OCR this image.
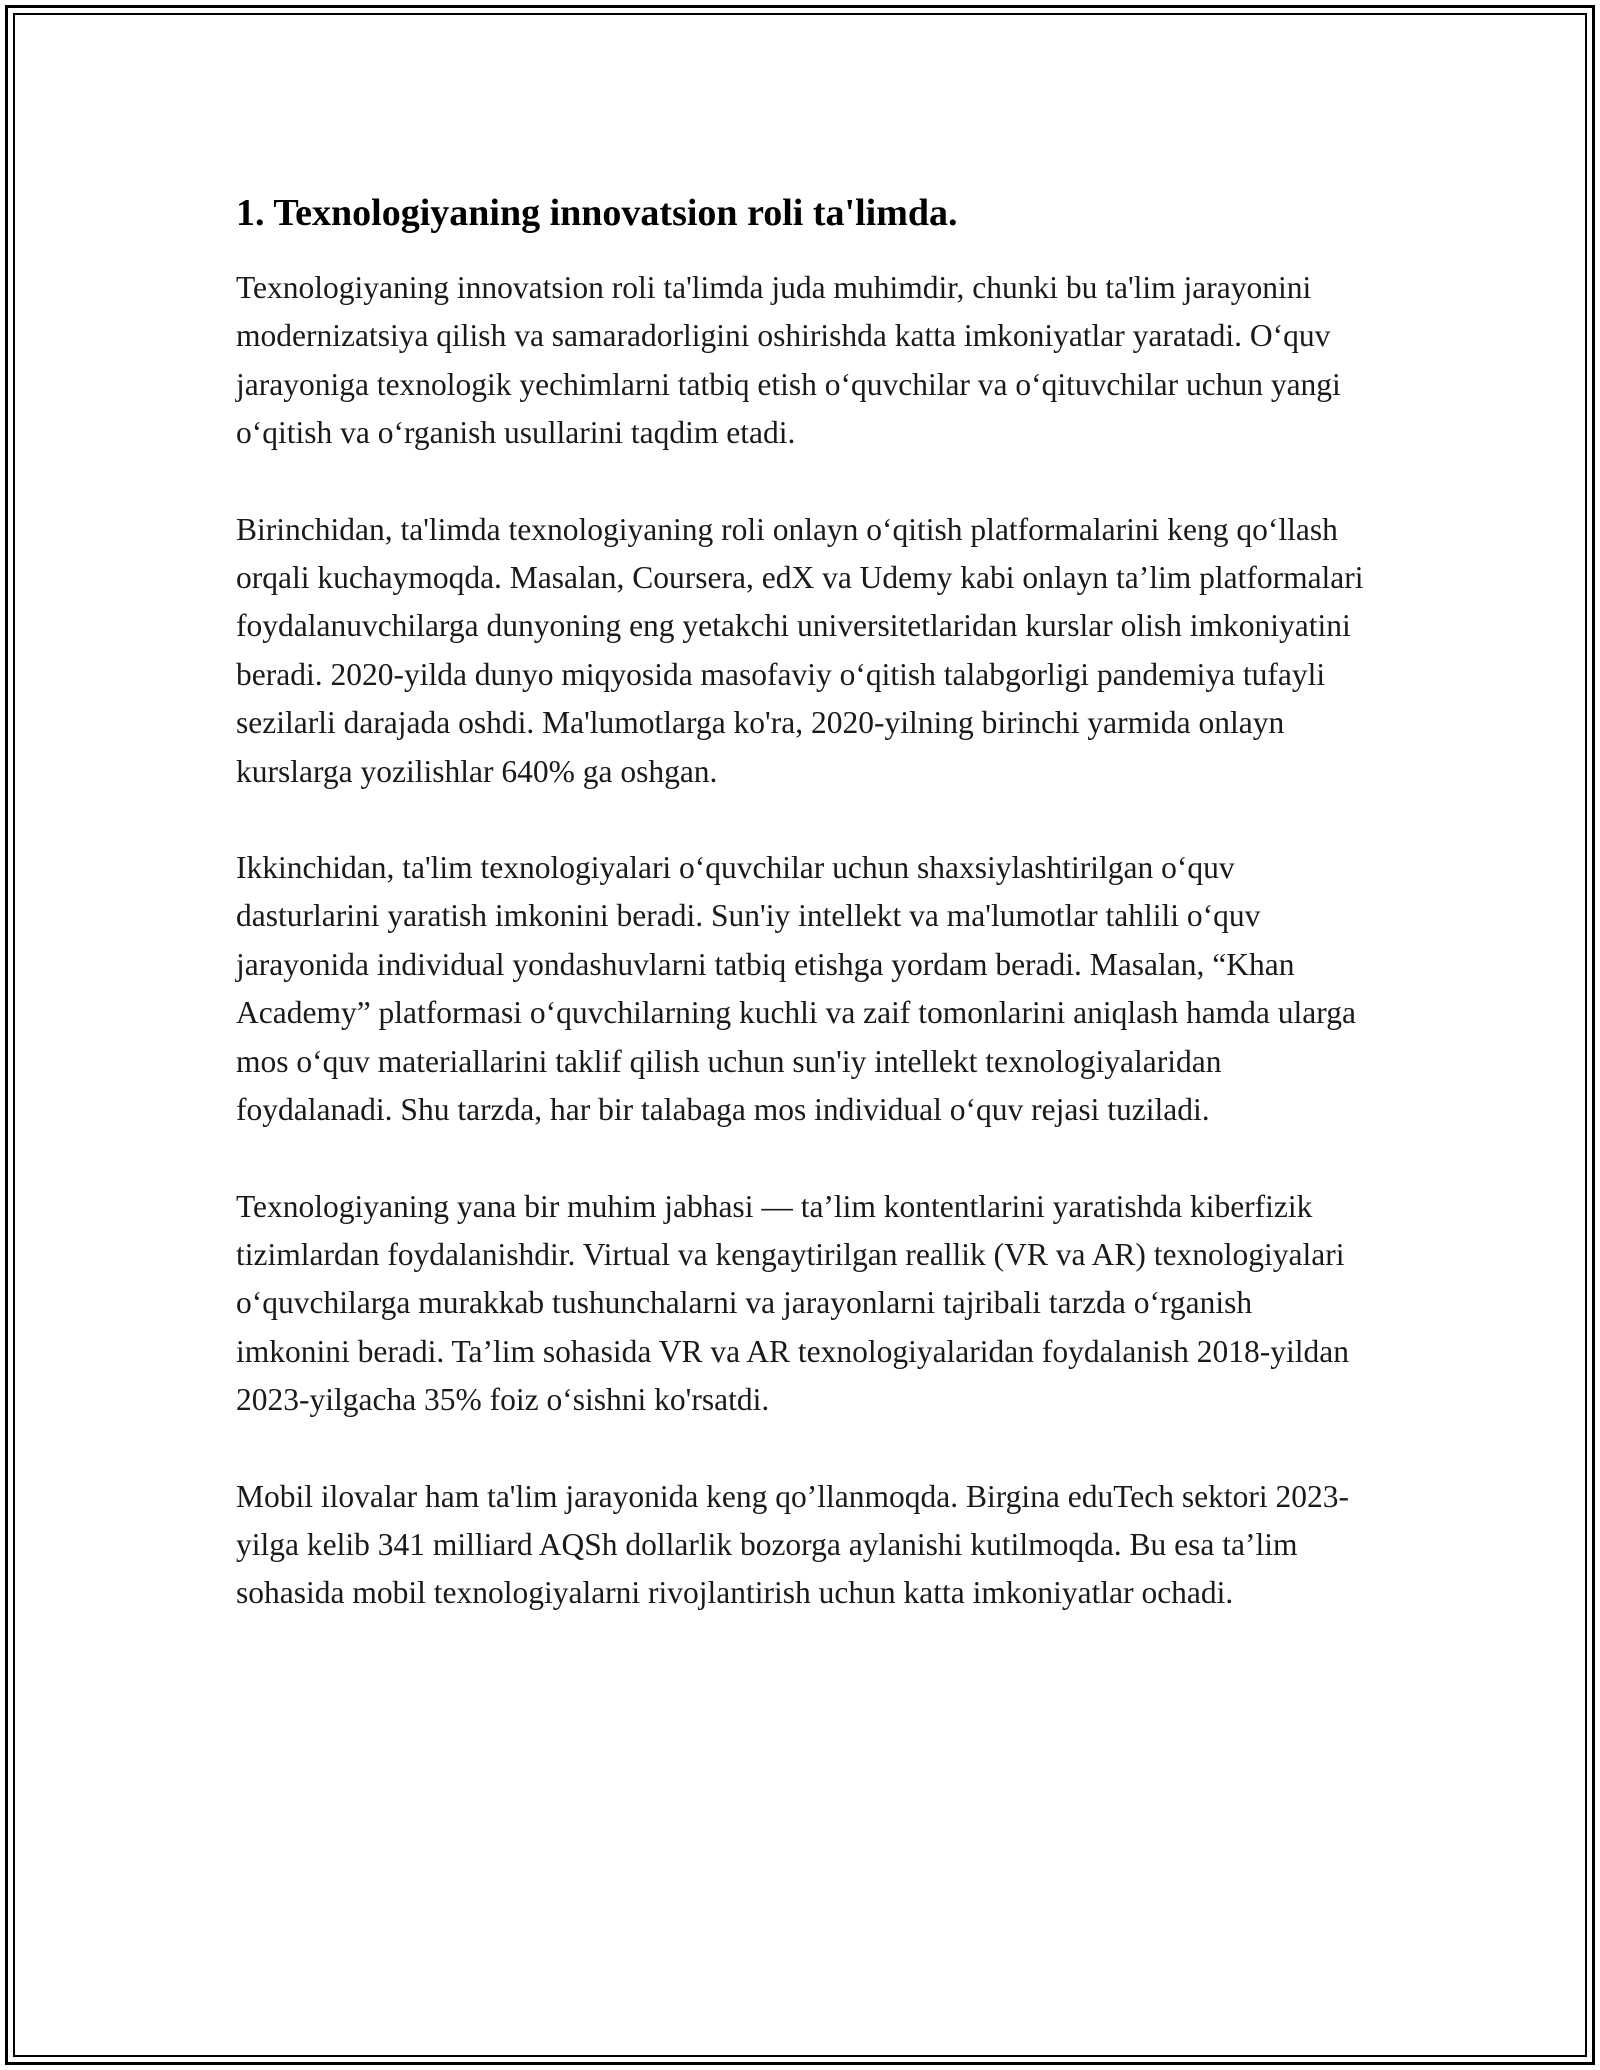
1. Texnologiyaning innovatsion roli ta'limda.

Texnologiyaning innovatsion roli ta'limda juda muhimdir, chunki bu ta'lim jarayonini modernizatsiya qilish va samaradorligini oshirishda katta imkoniyatlar yaratadi. O‘quv jarayoniga texnologik yechimlarni tatbiq etish o‘quvchilar va o‘qituvchilar uchun yangi o‘qitish va o‘rganish usullarini taqdim etadi.

Birinchidan, ta'limda texnologiyaning roli onlayn o‘qitish platformalarini keng qo‘llash orqali kuchaymoqda. Masalan, Coursera, edX va Udemy kabi onlayn ta’lim platformalari foydalanuvchilarga dunyoning eng yetakchi universitetlaridan kurslar olish imkoniyatini beradi. 2020-yilda dunyo miqyosida masofaviy o‘qitish talabgorligi pandemiya tufayli sezilarli darajada oshdi. Ma'lumotlarga ko'ra, 2020-yilning birinchi yarmida onlayn kurslarga yozilishlar 640% ga oshgan.

Ikkinchidan, ta'lim texnologiyalari o‘quvchilar uchun shaxsiylashtirilgan o‘quv dasturlarini yaratish imkonini beradi. Sun'iy intellekt va ma'lumotlar tahlili o‘quv jarayonida individual yondashuvlarni tatbiq etishga yordam beradi. Masalan, “Khan Academy” platformasi o‘quvchilarning kuchli va zaif tomonlarini aniqlash hamda ularga mos o‘quv materiallarini taklif qilish uchun sun'iy intellekt texnologiyalaridan foydalanadi. Shu tarzda, har bir talabaga mos individual o‘quv rejasi tuziladi.

Texnologiyaning yana bir muhim jabhasi — ta’lim kontentlarini yaratishda kiberfizik tizimlardan foydalanishdir. Virtual va kengaytirilgan reallik (VR va AR) texnologiyalari o‘quvchilarga murakkab tushunchalarni va jarayonlarni tajribali tarzda o‘rganish imkonini beradi. Ta’lim sohasida VR va AR texnologiyalaridan foydalanish 2018-yildan 2023-yilgacha 35% foiz o‘sishni ko'rsatdi.

Mobil ilovalar ham ta'lim jarayonida keng qo’llanmoqda. Birgina eduTech sektori 2023-yilga kelib 341 milliard AQSh dollarlik bozorga aylanishi kutilmoqda. Bu esa ta’lim sohasida mobil texnologiyalarni rivojlantirish uchun katta imkoniyatlar ochadi.
